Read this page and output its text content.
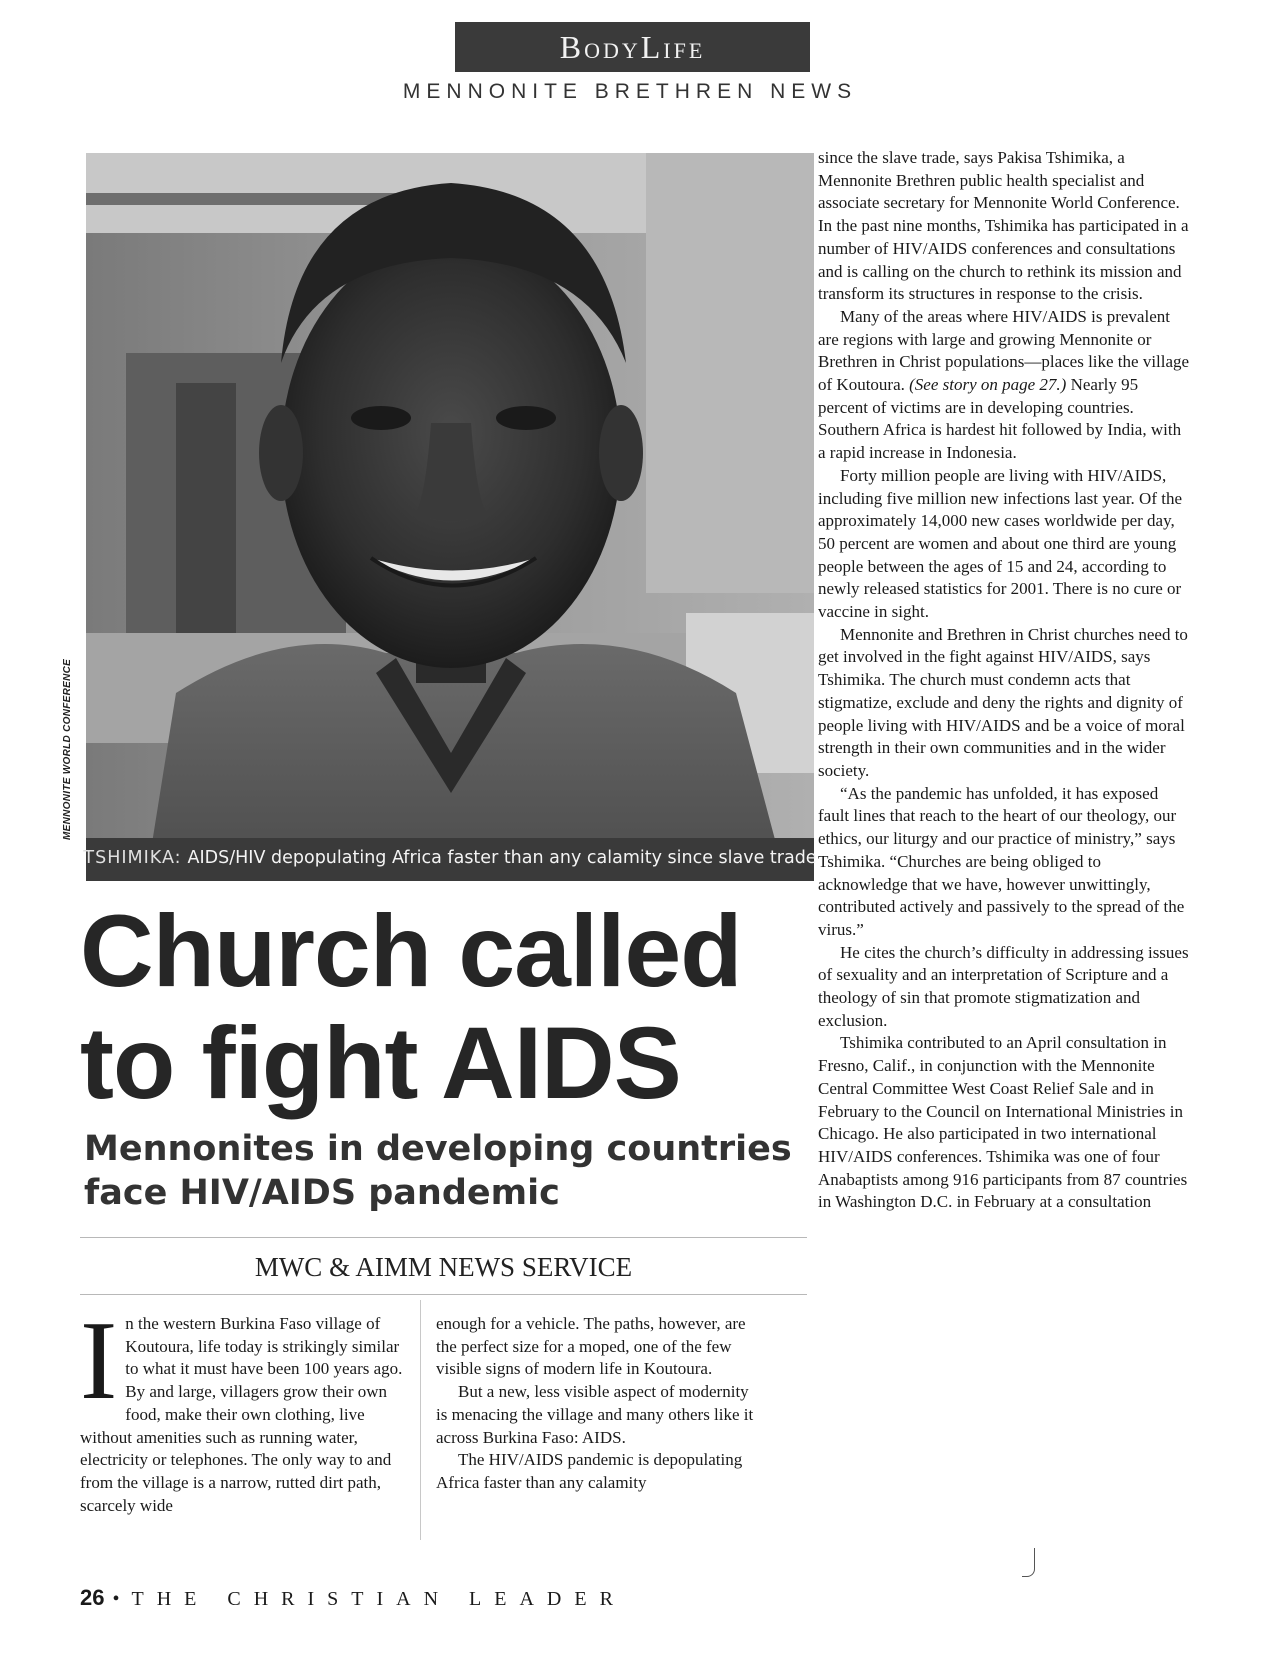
BodyLife
MENNONITE BRETHREN NEWS
MENNONITE WORLD CONFERENCE
TSHIMIKA: AIDS/HIV depopulating Africa faster than any calamity since slave trade
Church called
to fight AIDS
Mennonites in developing countries
face HIV/AIDS pandemic
MWC & AIMM NEWS SERVICE

In the western Burkina Faso village of Koutoura, life today is strikingly similar to what it must have been 100 years ago. By and large, villagers grow their own food, make their own clothing, live without amenities such as running water, electricity or telephones. The only way to and from the village is a narrow, rutted dirt path, scarcely wide

enough for a vehicle. The paths, however, are the perfect size for a moped, one of the few visible signs of modern life in Koutoura.

But a new, less visible aspect of modernity is menacing the village and many others like it across Burkina Faso: AIDS.

The HIV/AIDS pandemic is depopulating Africa faster than any calamity

since the slave trade, says Pakisa Tshimika, a Mennonite Brethren public health specialist and associate secretary for Mennonite World Conference. In the past nine months, Tshimika has participated in a number of HIV/AIDS conferences and consultations and is calling on the church to rethink its mission and transform its structures in response to the crisis.

Many of the areas where HIV/AIDS is prevalent are regions with large and growing Mennonite or Brethren in Christ populations—places like the village of Koutoura. (See story on page 27.) Nearly 95 percent of victims are in developing countries. Southern Africa is hardest hit followed by India, with a rapid increase in Indonesia.

Forty million people are living with HIV/AIDS, including five million new infections last year. Of the approximately 14,000 new cases worldwide per day, 50 percent are women and about one third are young people between the ages of 15 and 24, according to newly released statistics for 2001. There is no cure or vaccine in sight.

Mennonite and Brethren in Christ churches need to get involved in the fight against HIV/AIDS, says Tshimika. The church must condemn acts that stigmatize, exclude and deny the rights and dignity of people living with HIV/AIDS and be a voice of moral strength in their own communities and in the wider society.

“As the pandemic has unfolded, it has exposed fault lines that reach to the heart of our theology, our ethics, our liturgy and our practice of ministry,” says Tshimika. “Churches are being obliged to acknowledge that we have, however unwittingly, contributed actively and passively to the spread of the virus.”

He cites the church’s difficulty in addressing issues of sexuality and an interpretation of Scripture and a theology of sin that promote stigmatization and exclusion.

Tshimika contributed to an April consultation in Fresno, Calif., in conjunction with the Mennonite Central Committee West Coast Relief Sale and in February to the Council on International Ministries in Chicago. He also participated in two international HIV/AIDS conferences. Tshimika was one of four Anabaptists among 916 participants from 87 countries in Washington D.C. in February at a consultation

26 • THE CHRISTIAN LEADER
